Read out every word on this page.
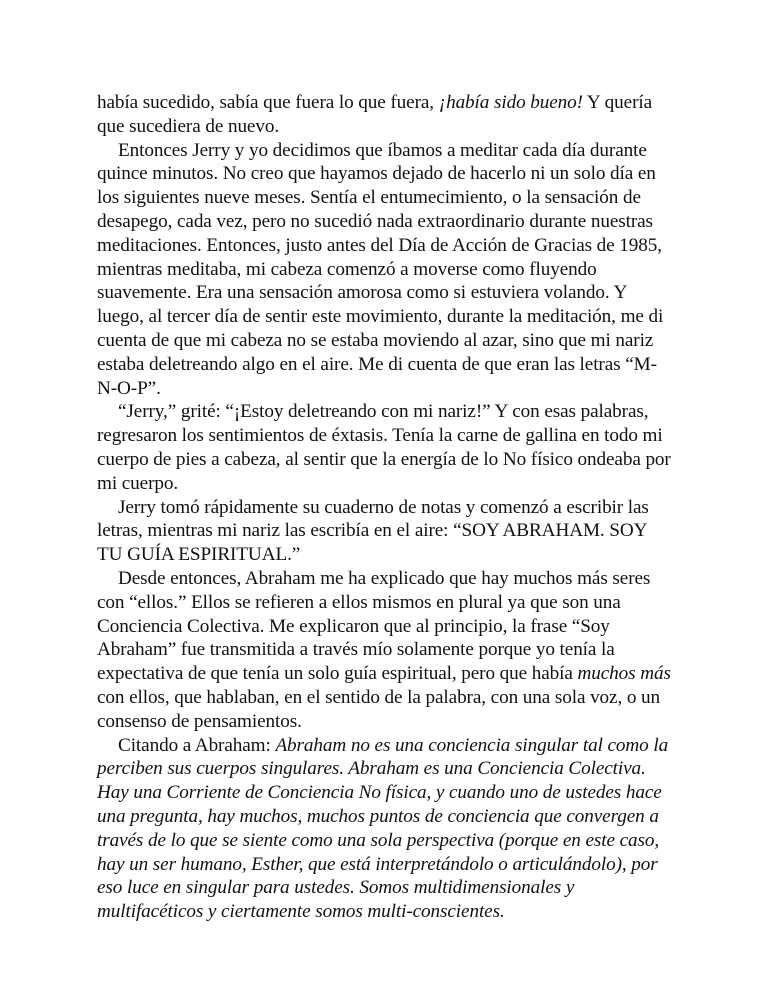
había sucedido, sabía que fuera lo que fuera, ¡había sido bueno! Y quería
que sucediera de nuevo.
Entonces Jerry y yo decidimos que íbamos a meditar cada día durante
quince minutos. No creo que hayamos dejado de hacerlo ni un solo día en
los siguientes nueve meses. Sentía el entumecimiento, o la sensación de
desapego, cada vez, pero no sucedió nada extraordinario durante nuestras
meditaciones. Entonces, justo antes del Día de Acción de Gracias de 1985,
mientras meditaba, mi cabeza comenzó a moverse como fluyendo
suavemente. Era una sensación amorosa como si estuviera volando. Y
luego, al tercer día de sentir este movimiento, durante la meditación, me di
cuenta de que mi cabeza no se estaba moviendo al azar, sino que mi nariz
estaba deletreando algo en el aire. Me di cuenta de que eran las letras “M-
N-O-P”.
“Jerry,” grité: “¡Estoy deletreando con mi nariz!” Y con esas palabras,
regresaron los sentimientos de éxtasis. Tenía la carne de gallina en todo mi
cuerpo de pies a cabeza, al sentir que la energía de lo No físico ondeaba por
mi cuerpo.
Jerry tomó rápidamente su cuaderno de notas y comenzó a escribir las
letras, mientras mi nariz las escribía en el aire: “SOY ABRAHAM. SOY
TU GUÍA ESPIRITUAL.”
Desde entonces, Abraham me ha explicado que hay muchos más seres
con “ellos.” Ellos se refieren a ellos mismos en plural ya que son una
Conciencia Colectiva. Me explicaron que al principio, la frase “Soy
Abraham” fue transmitida a través mío solamente porque yo tenía la
expectativa de que tenía un solo guía espiritual, pero que había muchos más
con ellos, que hablaban, en el sentido de la palabra, con una sola voz, o un
consenso de pensamientos.
Citando a Abraham: Abraham no es una conciencia singular tal como la
perciben sus cuerpos singulares. Abraham es una Conciencia Colectiva.
Hay una Corriente de Conciencia No física, y cuando uno de ustedes hace
una pregunta, hay muchos, muchos puntos de conciencia que convergen a
través de lo que se siente como una sola perspectiva (porque en este caso,
hay un ser humano, Esther, que está interpretándolo o articulándolo), por
eso luce en singular para ustedes. Somos multidimensionales y
multifacéticos y ciertamente somos multi-conscientes.
